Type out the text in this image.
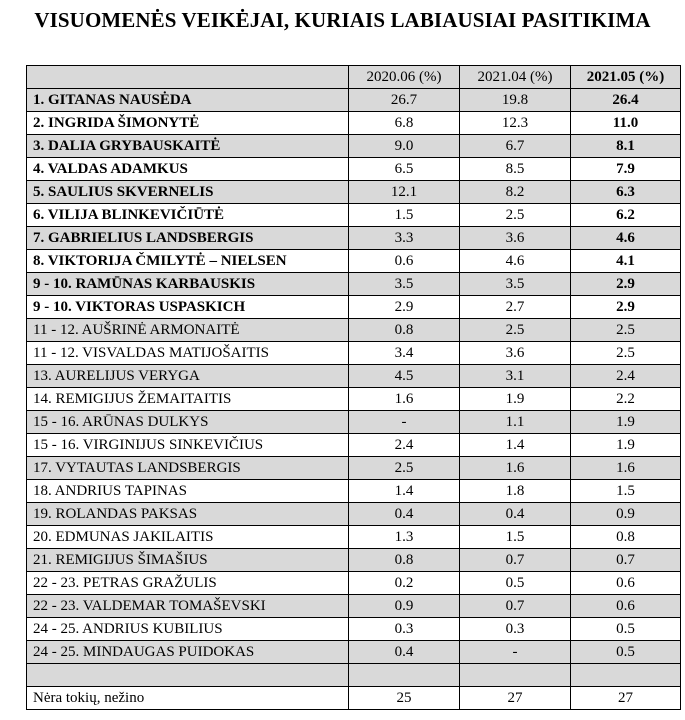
VISUOMENĖS VEIKĖJAI, KURIAIS LABIAUSIAI PASITIKIMA
	2020.06 (%)	2021.04 (%)	2021.05 (%)
1. GITANAS NAUSĖDA	26.7	19.8	26.4
2. INGRIDA ŠIMONYTĖ	6.8	12.3	11.0
3. DALIA GRYBAUSKAITĖ	9.0	6.7	8.1
4. VALDAS ADAMKUS	6.5	8.5	7.9
5. SAULIUS SKVERNELIS	12.1	8.2	6.3
6. VILIJA BLINKEVIČIŪTĖ	1.5	2.5	6.2
7. GABRIELIUS LANDSBERGIS	3.3	3.6	4.6
8. VIKTORIJA ČMILYTĖ – NIELSEN	0.6	4.6	4.1
9 - 10. RAMŪNAS KARBAUSKIS	3.5	3.5	2.9
9 - 10. VIKTORAS USPASKICH	2.9	2.7	2.9
11 - 12. AUŠRINĖ ARMONAITĖ	0.8	2.5	2.5
11 - 12. VISVALDAS MATIJOŠAITIS	3.4	3.6	2.5
13. AURELIJUS VERYGA	4.5	3.1	2.4
14. REMIGIJUS ŽEMAITAITIS	1.6	1.9	2.2
15 - 16. ARŪNAS DULKYS	-	1.1	1.9
15 - 16. VIRGINIJUS SINKEVIČIUS	2.4	1.4	1.9
17. VYTAUTAS LANDSBERGIS	2.5	1.6	1.6
18. ANDRIUS TAPINAS	1.4	1.8	1.5
19. ROLANDAS PAKSAS	0.4	0.4	0.9
20. EDMUNAS JAKILAITIS	1.3	1.5	0.8
21. REMIGIJUS ŠIMAŠIUS	0.8	0.7	0.7
22 - 23. PETRAS GRAŽULIS	0.2	0.5	0.6
22 - 23. VALDEMAR TOMAŠEVSKI	0.9	0.7	0.6
24 - 25. ANDRIUS KUBILIUS	0.3	0.3	0.5
24 - 25. MINDAUGAS PUIDOKAS	0.4	-	0.5

Nėra tokių, nežino	25	27	27
